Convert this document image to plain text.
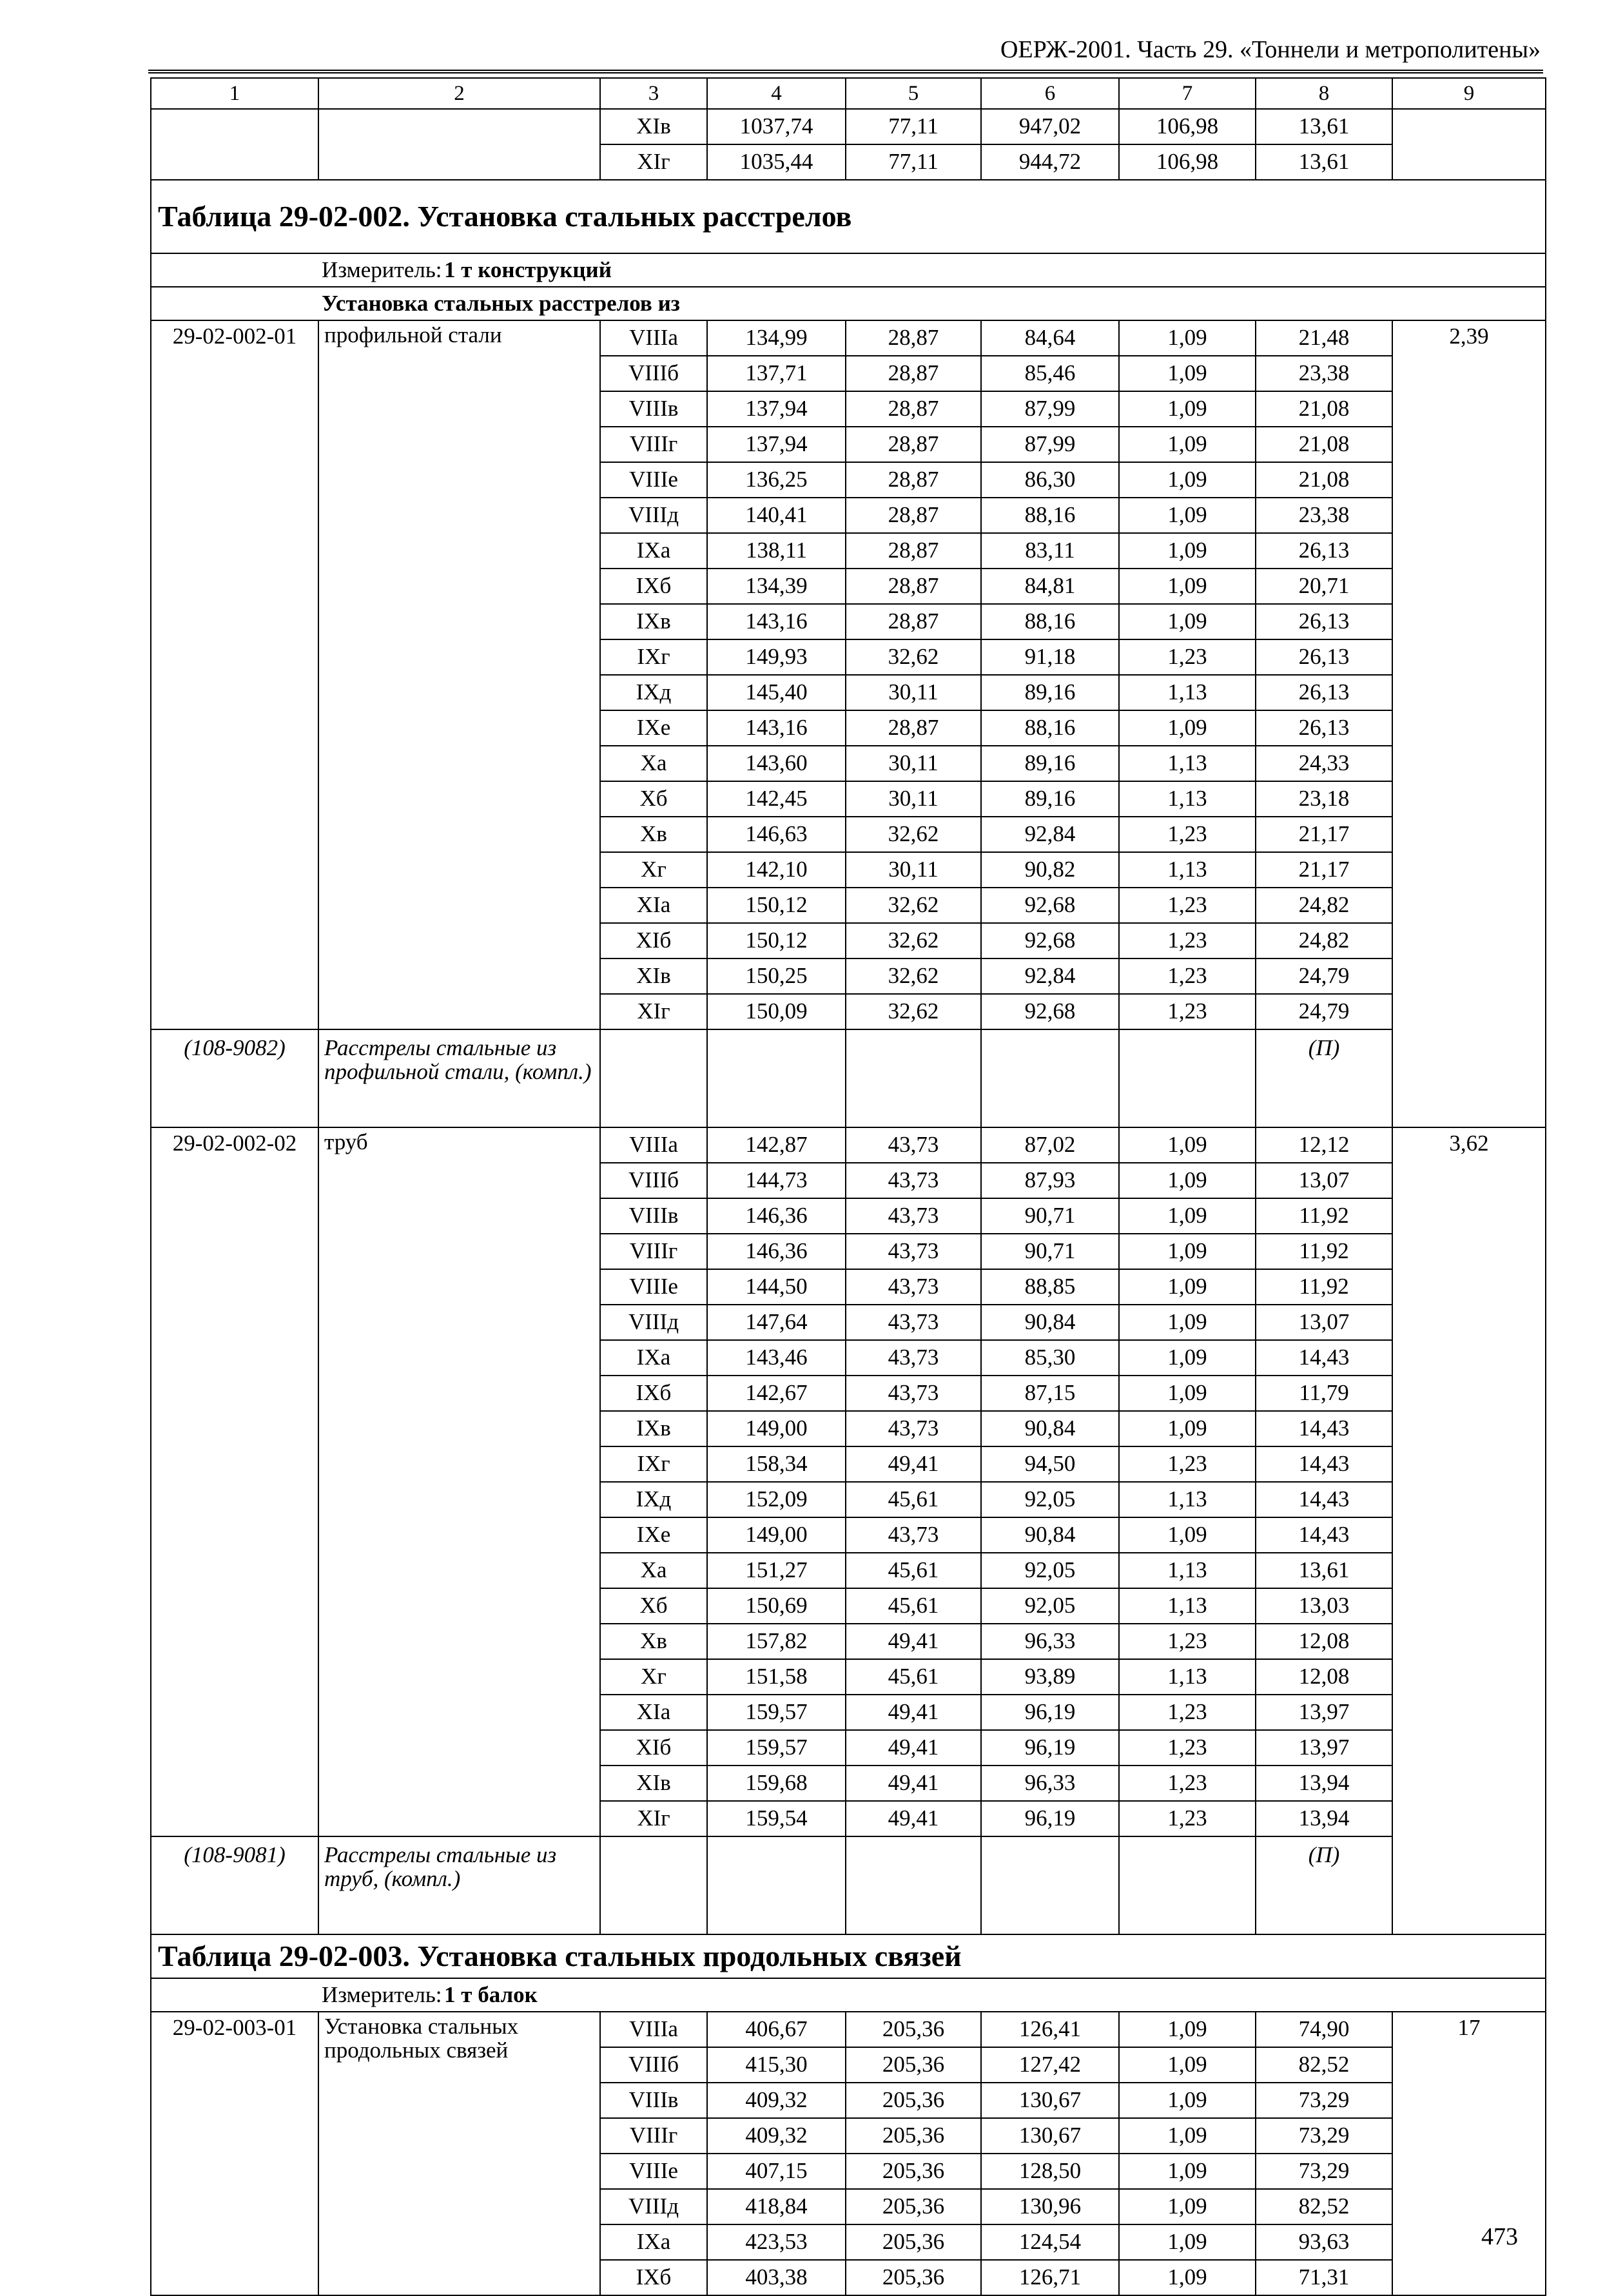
ОЕРЖ-2001. Часть 29. «Тоннели и метрополитены»
1	2	3	4	5	6	7	8	9
		XIв	1037,74	77,11	947,02	106,98	13,61	
		XIг	1035,44	77,11	944,72	106,98	13,61	
Таблица 29-02-002. Установка стальных расстрелов								
Измеритель:1 т конструкций								
Установка стальных расстрелов из								
29-02-002-01	профильной стали	VIIIа	134,99	28,87	84,64	1,09	21,48	2,39
		VIIIб	137,71	28,87	85,46	1,09	23,38	
		VIIIв	137,94	28,87	87,99	1,09	21,08	
		VIIIг	137,94	28,87	87,99	1,09	21,08	
		VIIIе	136,25	28,87	86,30	1,09	21,08	
		VIIIд	140,41	28,87	88,16	1,09	23,38	
		IXа	138,11	28,87	83,11	1,09	26,13	
		IXб	134,39	28,87	84,81	1,09	20,71	
		IXв	143,16	28,87	88,16	1,09	26,13	
		IXг	149,93	32,62	91,18	1,23	26,13	
		IXд	145,40	30,11	89,16	1,13	26,13	
		IXе	143,16	28,87	88,16	1,09	26,13	
		Xа	143,60	30,11	89,16	1,13	24,33	
		Xб	142,45	30,11	89,16	1,13	23,18	
		Xв	146,63	32,62	92,84	1,23	21,17	
		Xг	142,10	30,11	90,82	1,13	21,17	
		XIа	150,12	32,62	92,68	1,23	24,82	
		XIб	150,12	32,62	92,68	1,23	24,82	
		XIв	150,25	32,62	92,84	1,23	24,79	
		XIг	150,09	32,62	92,68	1,23	24,79	
(108-9082)	Расстрелы стальные из профильной стали, (компл.)						(П)	
29-02-002-02	труб	VIIIа	142,87	43,73	87,02	1,09	12,12	3,62
		VIIIб	144,73	43,73	87,93	1,09	13,07	
		VIIIв	146,36	43,73	90,71	1,09	11,92	
		VIIIг	146,36	43,73	90,71	1,09	11,92	
		VIIIе	144,50	43,73	88,85	1,09	11,92	
		VIIIд	147,64	43,73	90,84	1,09	13,07	
		IXа	143,46	43,73	85,30	1,09	14,43	
		IXб	142,67	43,73	87,15	1,09	11,79	
		IXв	149,00	43,73	90,84	1,09	14,43	
		IXг	158,34	49,41	94,50	1,23	14,43	
		IXд	152,09	45,61	92,05	1,13	14,43	
		IXе	149,00	43,73	90,84	1,09	14,43	
		Xа	151,27	45,61	92,05	1,13	13,61	
		Xб	150,69	45,61	92,05	1,13	13,03	
		Xв	157,82	49,41	96,33	1,23	12,08	
		Xг	151,58	45,61	93,89	1,13	12,08	
		XIа	159,57	49,41	96,19	1,23	13,97	
		XIб	159,57	49,41	96,19	1,23	13,97	
		XIв	159,68	49,41	96,33	1,23	13,94	
		XIг	159,54	49,41	96,19	1,23	13,94	
(108-9081)	Расстрелы стальные из труб, (компл.)						(П)	
Таблица 29-02-003. Установка стальных продольных связей								
Измеритель:1 т балок								
29-02-003-01	Установка стальных продольных связей	VIIIа	406,67	205,36	126,41	1,09	74,90	17
		VIIIб	415,30	205,36	127,42	1,09	82,52	
		VIIIв	409,32	205,36	130,67	1,09	73,29	
		VIIIг	409,32	205,36	130,67	1,09	73,29	
		VIIIе	407,15	205,36	128,50	1,09	73,29	
		VIIIд	418,84	205,36	130,96	1,09	82,52	
		IXа	423,53	205,36	124,54	1,09	93,63	
		IXб	403,38	205,36	126,71	1,09	71,31	
473
